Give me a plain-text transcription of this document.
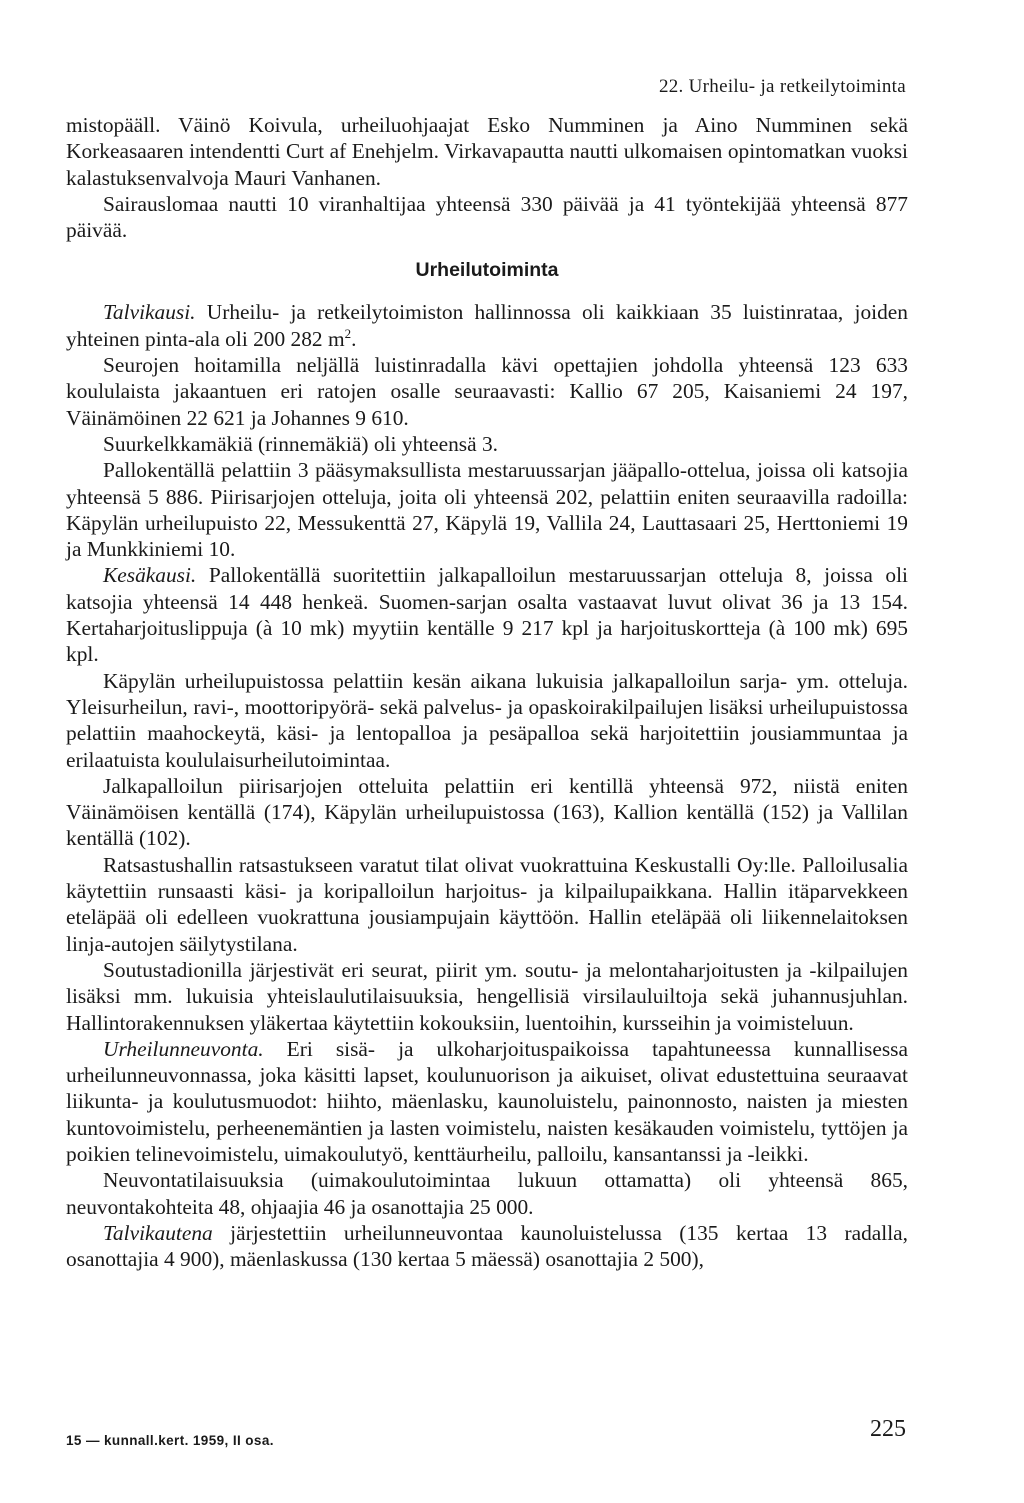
22. Urheilu- ja retkeilytoiminta

mistopääll. Väinö Koivula, urheiluohjaajat Esko Numminen ja Aino Numminen sekä Korkeasaaren intendentti Curt af Enehjelm. Virkavapautta nautti ulkomaisen opintomatkan vuoksi kalastuksenvalvoja Mauri Vanhanen.

Sairauslomaa nautti 10 viranhaltijaa yhteensä 330 päivää ja 41 työntekijää yhteensä 877 päivää.

Urheilutoiminta

Talvikausi. Urheilu- ja retkeilytoimiston hallinnossa oli kaikkiaan 35 luistinrataa, joiden yhteinen pinta-ala oli 200 282 $m^2$.

Seurojen hoitamilla neljällä luistinradalla kävi opettajien johdolla yhteensä 123 633 koululaista jakaantuen eri ratojen osalle seuraavasti: Kallio 67 205, Kaisaniemi 24 197, Väinämöinen 22 621 ja Johannes 9 610.

Suurkelkkamäkiä (rinnemäkiä) oli yhteensä 3.

Pallokentällä pelattiin 3 pääsymaksullista mestaruussarjan jääpallo-ottelua, joissa oli katsojia yhteensä 5 886. Piirisarjojen otteluja, joita oli yhteensä 202, pelattiin eniten seuraavilla radoilla: Käpylän urheilupuisto 22, Messukenttä 27, Käpylä 19, Vallila 24, Lauttasaari 25, Herttoniemi 19 ja Munkkiniemi 10.

Kesäkausi. Pallokentällä suoritettiin jalkapalloilun mestaruussarjan otteluja 8, joissa oli katsojia yhteensä 14 448 henkeä. Suomen-sarjan osalta vastaavat luvut olivat 36 ja 13 154. Kertaharjoituslippuja (à 10 mk) myytiin kentälle 9 217 kpl ja harjoituskortteja (à 100 mk) 695 kpl.

Käpylän urheilupuistossa pelattiin kesän aikana lukuisia jalkapalloilun sarja- ym. otteluja. Yleisurheilun, ravi-, moottoripyörä- sekä palvelus- ja opaskoirakilpailujen lisäksi urheilupuistossa pelattiin maahockeytä, käsi- ja lentopalloa ja pesäpalloa sekä harjoitettiin jousiammuntaa ja erilaatuista koululaisurheilutoimintaa.

Jalkapalloilun piirisarjojen otteluita pelattiin eri kentillä yhteensä 972, niistä eniten Väinämöisen kentällä (174), Käpylän urheilupuistossa (163), Kallion kentällä (152) ja Vallilan kentällä (102).

Ratsastushallin ratsastukseen varatut tilat olivat vuokrattuina Keskustalli Oy:lle. Palloilusalia käytettiin runsaasti käsi- ja koripalloilun harjoitus- ja kilpailupaikkana. Hallin itäparvekkeen eteläpää oli edelleen vuokrattuna jousiampujain käyttöön. Hallin eteläpää oli liikennelaitoksen linja-autojen säilytystilana.

Soutustadionilla järjestivät eri seurat, piirit ym. soutu- ja melontaharjoitusten ja -kilpailujen lisäksi mm. lukuisia yhteislaulutilaisuuksia, hengellisiä virsilauluiltoja sekä juhannusjuhlan. Hallintorakennuksen yläkertaa käytettiin kokouksiin, luentoihin, kursseihin ja voimisteluun.

Urheilunneuvonta. Eri sisä- ja ulkoharjoituspaikoissa tapahtuneessa kunnallisessa urheilunneuvonnassa, joka käsitti lapset, koulunuorison ja aikuiset, olivat edustettuina seuraavat liikunta- ja koulutusmuodot: hiihto, mäenlasku, kaunoluistelu, painonnosto, naisten ja miesten kuntovoimistelu, perheenemäntien ja lasten voimistelu, naisten kesäkauden voimistelu, tyttöjen ja poikien telinevoimistelu, uimakoulutyö, kenttäurheilu, palloilu, kansantanssi ja -leikki.

Neuvontatilaisuuksia (uimakoulutoimintaa lukuun ottamatta) oli yhteensä 865, neuvontakohteita 48, ohjaajia 46 ja osanottajia 25 000.

Talvikautena järjestettiin urheilunneuvontaa kaunoluistelussa (135 kertaa 13 radalla, osanottajia 4 900), mäenlaskussa (130 kertaa 5 mäessä) osanottajia 2 500),

15 — kunnall.kert. 1959, II osa.	225
